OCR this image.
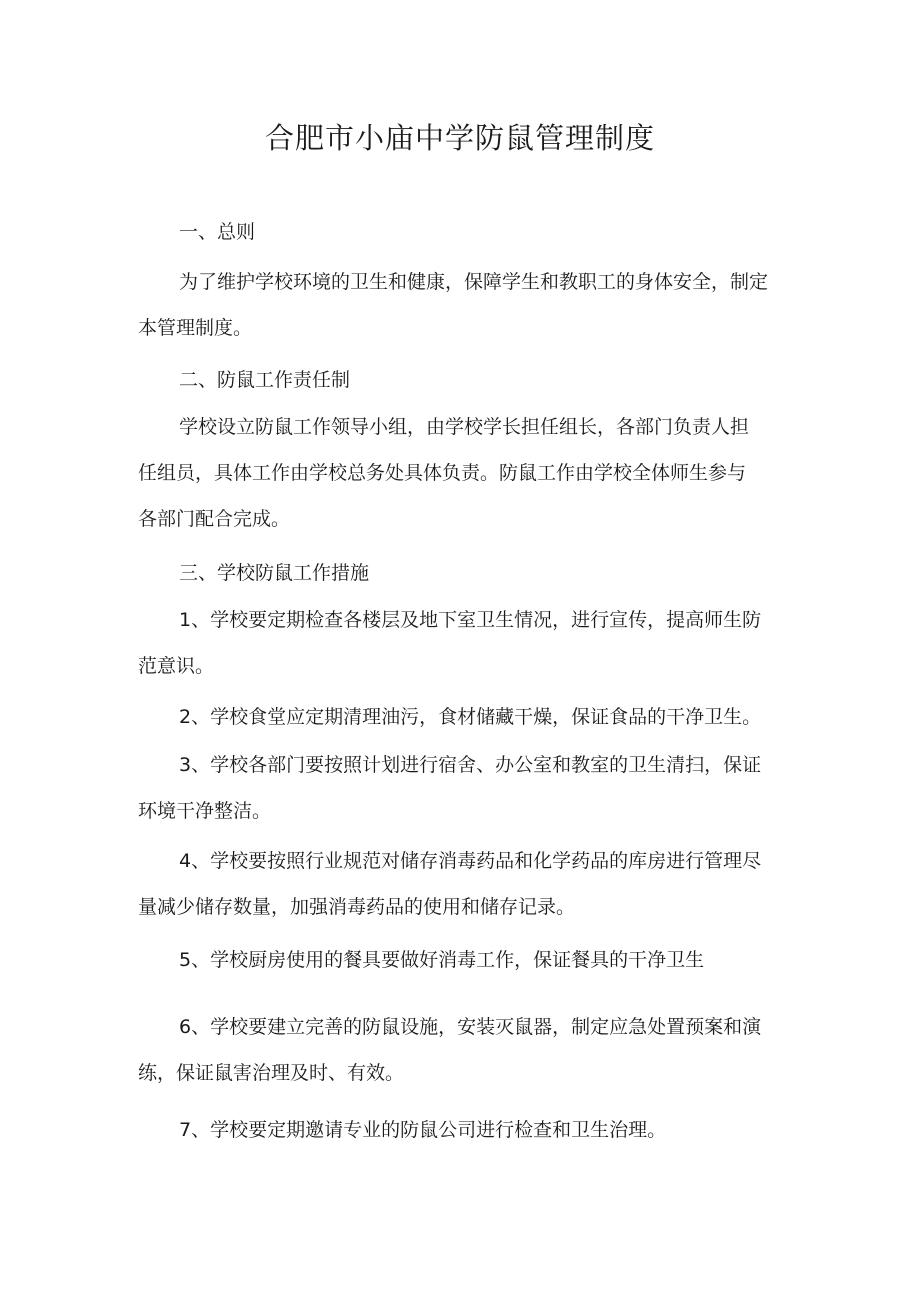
合肥市小庙中学防鼠管理制度
一、总则
为了维护学校环境的卫生和健康，保障学生和教职工的身体安全，制定
本管理制度。
二、防鼠工作责任制
学校设立防鼠工作领导小组，由学校学长担任组长，各部门负责人担
任组员，具体工作由学校总务处具体负责。防鼠工作由学校全体师生参与
各部门配合完成。
三、学校防鼠工作措施
1、学校要定期检查各楼层及地下室卫生情况，进行宣传，提高师生防
范意识。
2、学校食堂应定期清理油污，食材储藏干燥，保证食品的干净卫生。
3、学校各部门要按照计划进行宿舍、办公室和教室的卫生清扫，保证
环境干净整洁。
4、学校要按照行业规范对储存消毒药品和化学药品的库房进行管理尽
量减少储存数量，加强消毒药品的使用和储存记录。
5、学校厨房使用的餐具要做好消毒工作，保证餐具的干净卫生
6、学校要建立完善的防鼠设施，安装灭鼠器，制定应急处置预案和演
练，保证鼠害治理及时、有效。
7、学校要定期邀请专业的防鼠公司进行检查和卫生治理。
